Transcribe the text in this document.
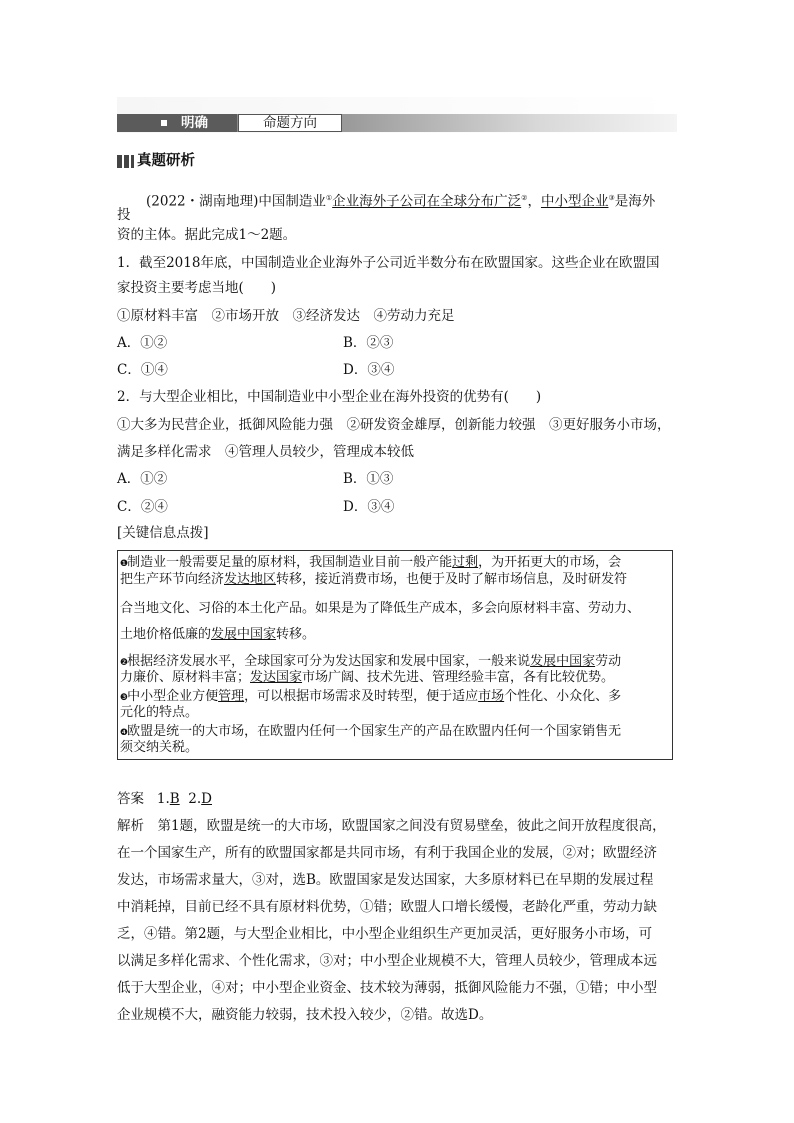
明确	命题方向
真题研析
(2022・湖南地理)中国制造业①企业海外子公司在全球分布广泛②，中小型企业③是海外
投
资的主体。据此完成1～2题。
1．截至2018年底，中国制造业企业海外子公司近半数分布在欧盟国家。这些企业在欧盟国
家投资主要考虑当地(　　)
①原材料丰富　②市场开放　③经济发达　④劳动力充足
A．①②	B．②③
C．①④	D．③④
2．与大型企业相比，中国制造业中小型企业在海外投资的优势有(　　)
①大多为民营企业，抵御风险能力强　②研发资金雄厚，创新能力较强　③更好服务小市场，
满足多样化需求　④管理人员较少，管理成本较低
A．①②	B．①③
C．②④	D．③④
[关键信息点拨]
❶制造业一般需要足量的原材料，我国制造业目前一般产能过剩，为开拓更大的市场，会
把生产环节向经济发达地区转移，接近消费市场，也便于及时了解市场信息，及时研发符
合当地文化、习俗的本土化产品。如果是为了降低生产成本，多会向原材料丰富、劳动力、
土地价格低廉的发展中国家转移。
❷根据经济发展水平，全球国家可分为发达国家和发展中国家，一般来说发展中国家劳动
力廉价、原材料丰富；发达国家市场广阔、技术先进、管理经验丰富，各有比较优势。
❸中小型企业方便管理，可以根据市场需求及时转型，便于适应市场个性化、小众化、多
元化的特点。
❹欧盟是统一的大市场，在欧盟内任何一个国家生产的产品在欧盟内任何一个国家销售无
须交纳关税。
答案 1.B 2.D
解析　第1题，欧盟是统一的大市场，欧盟国家之间没有贸易壁垒，彼此之间开放程度很高，
在一个国家生产，所有的欧盟国家都是共同市场，有利于我国企业的发展，②对；欧盟经济
发达，市场需求量大，③对，选B。欧盟国家是发达国家，大多原材料已在早期的发展过程
中消耗掉，目前已经不具有原材料优势，①错；欧盟人口增长缓慢，老龄化严重，劳动力缺
乏，④错。第2题，与大型企业相比，中小型企业组织生产更加灵活，更好服务小市场，可
以满足多样化需求、个性化需求，③对；中小型企业规模不大，管理人员较少，管理成本远
低于大型企业，④对；中小型企业资金、技术较为薄弱，抵御风险能力不强，①错；中小型
企业规模不大，融资能力较弱，技术投入较少，②错。故选D。
